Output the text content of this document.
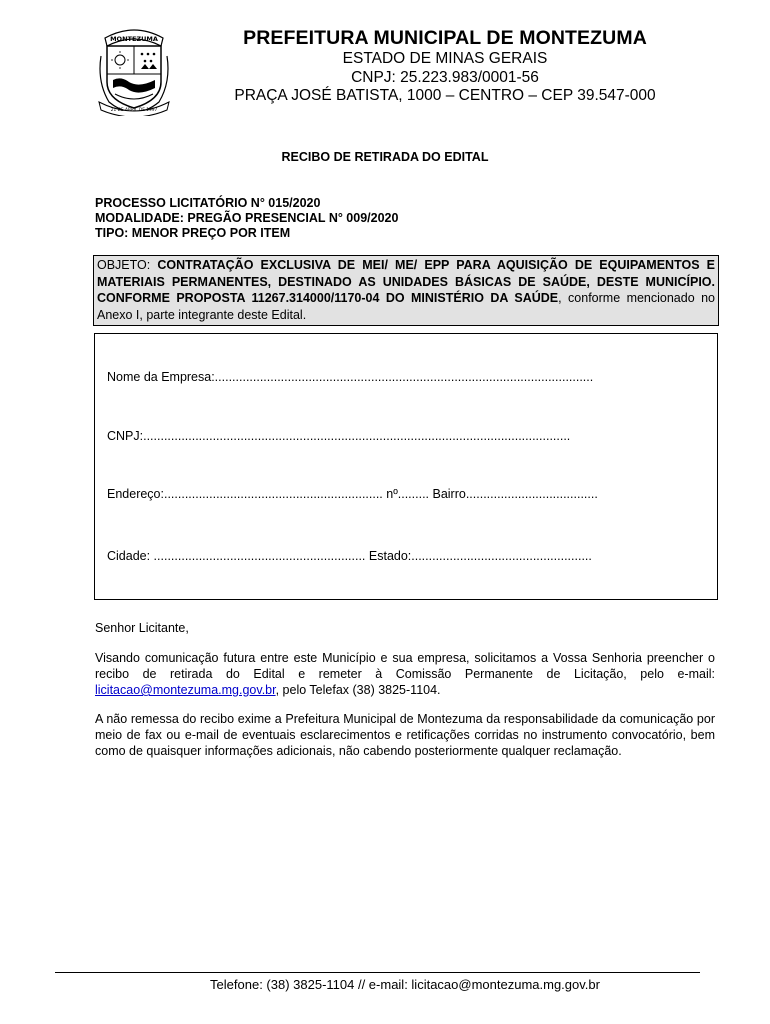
MONTEZUMA
21 DE ABRIL DE 1997
PREFEITURA MUNICIPAL DE MONTEZUMA
ESTADO DE MINAS GERAIS
CNPJ: 25.223.983/0001-56
PRAÇA JOSÉ BATISTA, 1000 – CENTRO – CEP 39.547-000
RECIBO DE RETIRADA DO EDITAL
PROCESSO LICITATÓRIO N° 015/2020
MODALIDADE: PREGÃO PRESENCIAL N° 009/2020
TIPO: MENOR PREÇO POR ITEM
OBJETO: CONTRATAÇÃO EXCLUSIVA DE MEI/ ME/ EPP PARA AQUISIÇÃO DE EQUIPAMENTOS E MATERIAIS PERMANENTES, DESTINADO AS UNIDADES BÁSICAS DE SAÚDE, DESTE MUNICÍPIO. CONFORME PROPOSTA 11267.314000/1170-04 DO MINISTÉRIO DA SAÚDE, conforme mencionado no Anexo I, parte integrante deste Edital.
Nome da Empresa:.............................................................................................................
CNPJ:...........................................................................................................................
Endereço:............................................................... nº......... Bairro......................................
Cidade: ............................................................. Estado:....................................................
Senhor Licitante,
Visando comunicação futura entre este Município e sua empresa, solicitamos a Vossa Senhoria preencher o recibo de retirada do Edital e remeter à Comissão Permanente de Licitação, pelo e-mail: licitacao@montezuma.mg.gov.br, pelo Telefax (38) 3825-1104.
A não remessa do recibo exime a Prefeitura Municipal de Montezuma da responsabilidade da comunicação por meio de fax ou e-mail de eventuais esclarecimentos e retificações corridas no instrumento convocatório, bem como de quaisquer informações adicionais, não cabendo posteriormente qualquer reclamação.
Telefone: (38) 3825-1104 // e-mail: licitacao@montezuma.mg.gov.br
